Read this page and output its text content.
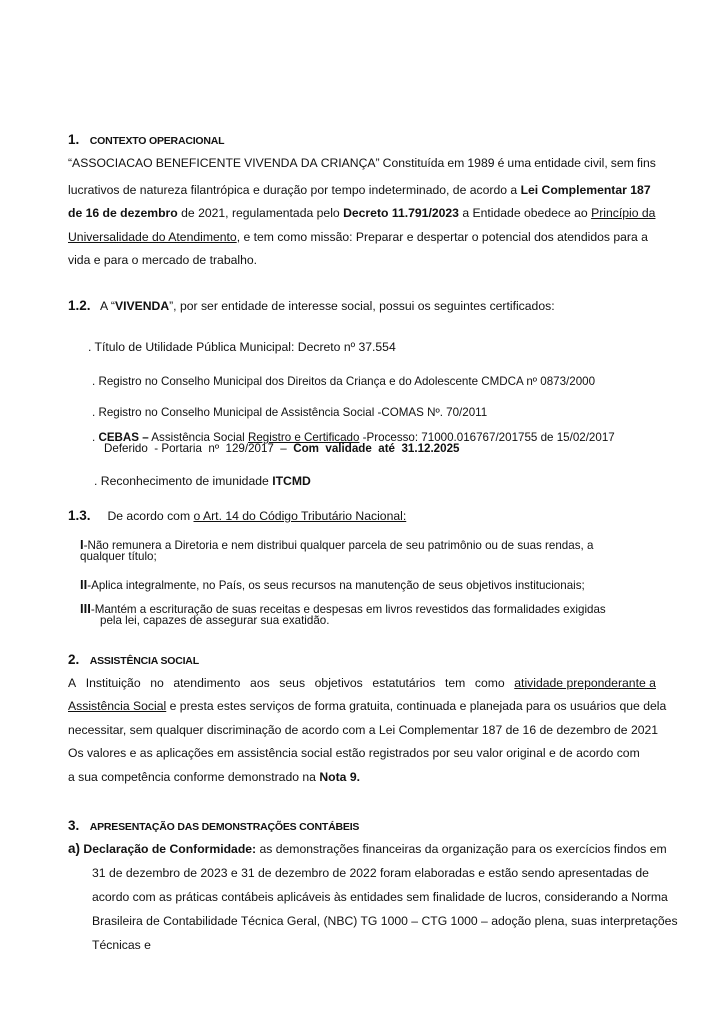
1. CONTEXTO OPERACIONAL
“ASSOCIACAO BENEFICENTE VIVENDA DA CRIANÇA” Constituída em 1989 é uma entidade civil, sem fins
lucrativos de natureza filantrópica e duração por tempo indeterminado, de acordo a Lei Complementar 187
de 16 de dezembro de 2021, regulamentada pelo Decreto 11.791/2023 a Entidade obedece ao Princípio da
Universalidade do Atendimento, e tem como missão: Preparar e despertar o potencial dos atendidos para a
vida e para o mercado de trabalho.
1.2. A “VIVENDA”, por ser entidade de interesse social, possui os seguintes certificados:
. Título de Utilidade Pública Municipal: Decreto nº 37.554
. Registro no Conselho Municipal dos Direitos da Criança e do Adolescente CMDCA nº 0873/2000
. Registro no Conselho Municipal de Assistência Social -COMAS Nº. 70/2011
. CEBAS – Assistência Social Registro e Certificado -Processo: 71000.016767/201755 de 15/02/2017
Deferido  - Portaria  nº  129/2017  –  Com  validade  até  31.12.2025
. Reconhecimento de imunidade ITCMD
1.3. De acordo com o Art. 14 do Código Tributário Nacional:
I-Não remunera a Diretoria e nem distribui qualquer parcela de seu patrimônio ou de suas rendas, a
qualquer título;
II-Aplica integralmente, no País, os seus recursos na manutenção de seus objetivos institucionais;
III-Mantém a escrituração de suas receitas e despesas em livros revestidos das formalidades exigidas
pela lei, capazes de assegurar sua exatidão.
2. ASSISTÊNCIA SOCIAL
A Instituição no atendimento aos seus objetivos estatutários tem como atividade preponderante a
Assistência Social e presta estes serviços de forma gratuita, continuada e planejada para os usuários que dela
necessitar, sem qualquer discriminação de acordo com a Lei Complementar 187 de 16 de dezembro de 2021
Os valores e as aplicações em assistência social estão registrados por seu valor original e de acordo com
a sua competência conforme demonstrado na Nota 9.
3. APRESENTAÇÃO DAS DEMONSTRAÇÕES CONTÁBEIS
a) Declaração de Conformidade: as demonstrações financeiras da organização para os exercícios findos em
31 de dezembro de 2023 e 31 de dezembro de 2022 foram elaboradas e estão sendo apresentadas de
acordo com as práticas contábeis aplicáveis às entidades sem finalidade de lucros, considerando a Norma
Brasileira de Contabilidade Técnica Geral, (NBC) TG 1000 – CTG 1000 – adoção plena, suas interpretações
Técnicas e
